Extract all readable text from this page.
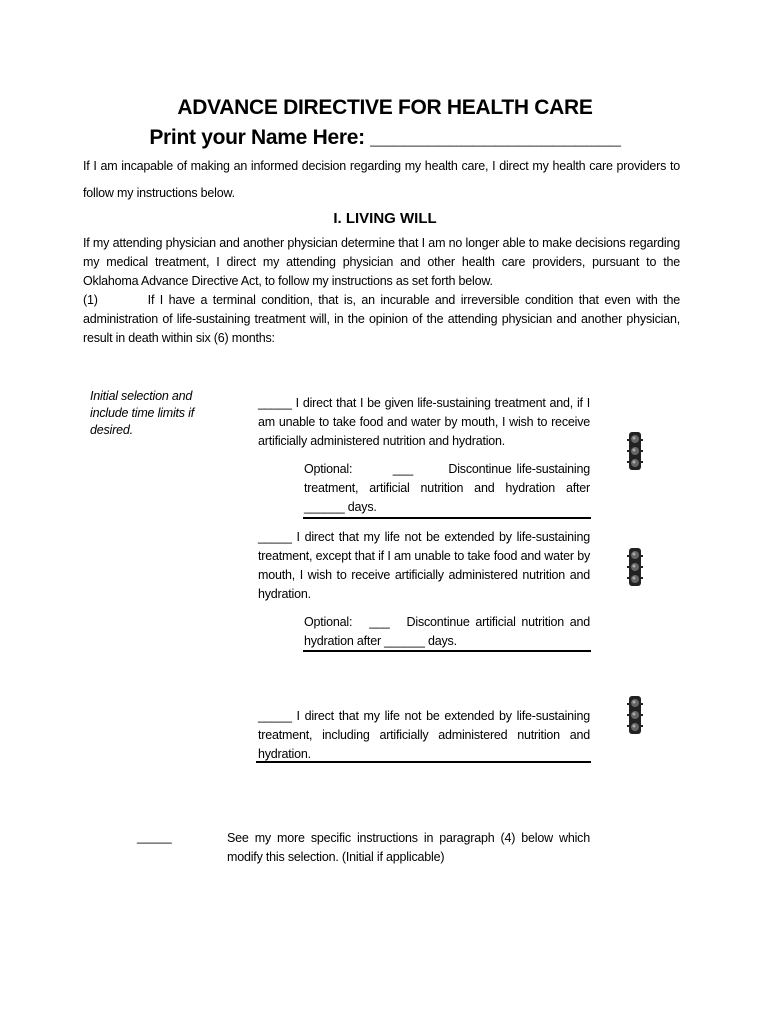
ADVANCE DIRECTIVE FOR HEALTH CARE
Print your Name Here: ______________________
If I am incapable of making an informed decision regarding my health care, I direct my health care providers to follow my instructions below.
I. LIVING WILL
If my attending physician and another physician determine that I am no longer able to make decisions regarding my medical treatment, I direct my attending physician and other health care providers, pursuant to the Oklahoma Advance Directive Act, to follow my instructions as set forth below.
(1)         If I have a terminal condition, that is, an incurable and irreversible condition that even with the administration of life-sustaining treatment will, in the opinion of the attending physician and another physician, result in death within six (6) months:
Initial selection and include time limits if desired.
_____ I direct that I be given life-sustaining treatment and, if I am unable to take food and water by mouth, I wish to receive artificially administered nutrition and hydration.
Optional:        ___       Discontinue life-sustaining treatment, artificial nutrition and hydration after ______ days.
_____ I direct that my life not be extended by life-sustaining treatment, except that if I am unable to take food and water by mouth, I wish to receive artificially administered nutrition and hydration.
Optional:   ___   Discontinue artificial nutrition and hydration after ______ days.
_____ I direct that my life not be extended by life-sustaining treatment, including artificially administered nutrition and hydration.
_____	See my more specific instructions in paragraph (4) below which modify this selection. (Initial if applicable)
